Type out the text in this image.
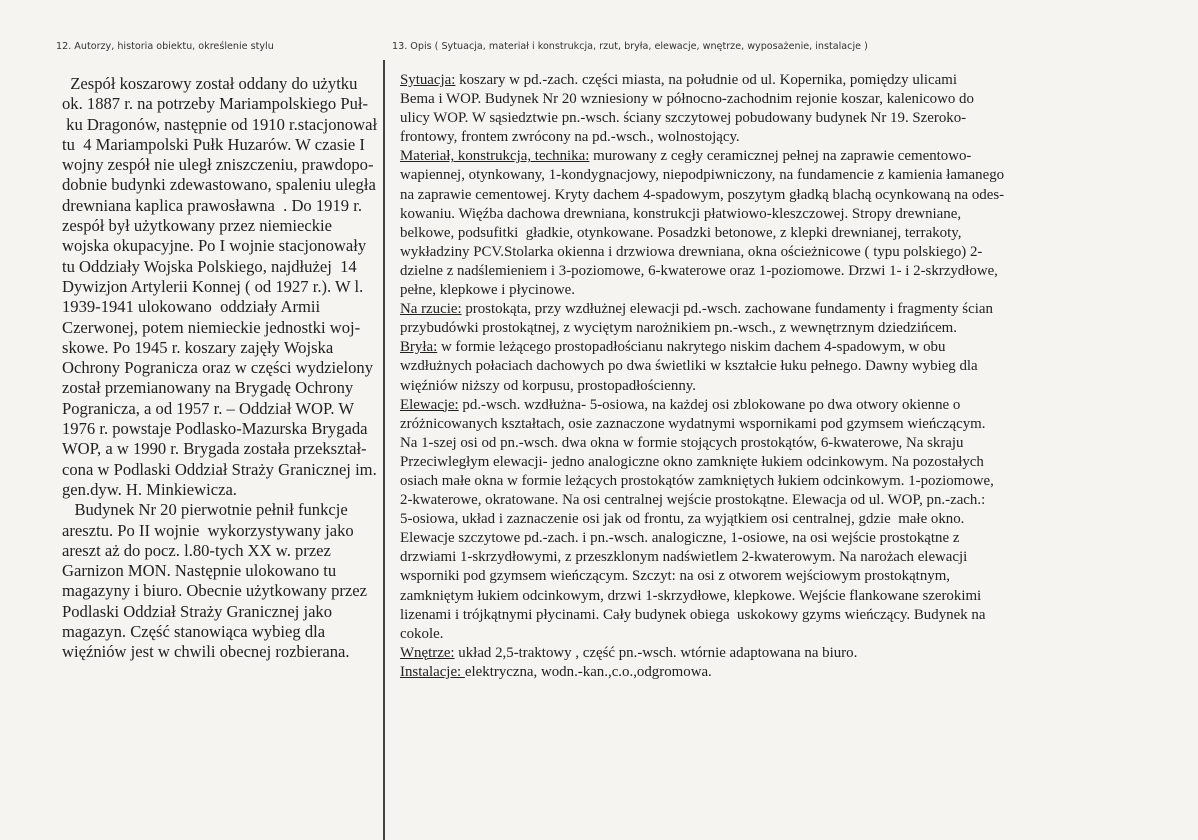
12. Autorzy, historia obiektu, określenie stylu	13. Opis ( Sytuacja, materiał i konstrukcja, rzut, bryła, elewacje, wnętrze, wyposażenie, instalacje )
Zespół koszarowy został oddany do użytku
ok. 1887 r. na potrzeby Mariampolskiego Puł-
ku Dragonów, następnie od 1910 r.stacjonował
tu  4 Mariampolski Pułk Huzarów. W czasie I
wojny zespół nie uległ zniszczeniu, prawdopo-
dobnie budynki zdewastowano, spaleniu uległa
drewniana kaplica prawosławna  . Do 1919 r.
zespół był użytkowany przez niemieckie
wojska okupacyjne. Po I wojnie stacjonowały
tu Oddziały Wojska Polskiego, najdłużej  14
Dywizjon Artylerii Konnej ( od 1927 r.). W l.
1939-1941 ulokowano  oddziały Armii
Czerwonej, potem niemieckie jednostki woj-
skowe. Po 1945 r. koszary zajęły Wojska
Ochrony Pogranicza oraz w części wydzielony
został przemianowany na Brygadę Ochrony
Pogranicza, a od 1957 r. – Oddział WOP. W
1976 r. powstaje Podlasko-Mazurska Brygada
WOP, a w 1990 r. Brygada została przekształ-
cona w Podlaski Oddział Straży Granicznej im.
gen.dyw. H. Minkiewicza.
Budynek Nr 20 pierwotnie pełnił funkcje
aresztu. Po II wojnie  wykorzystywany jako
areszt aż do pocz. l.80-tych XX w. przez
Garnizon MON. Następnie ulokowano tu
magazyny i biuro. Obecnie użytkowany przez
Podlaski Oddział Straży Granicznej jako
magazyn. Część stanowiąca wybieg dla
więźniów jest w chwili obecnej rozbierana.
Sytuacja: koszary w pd.-zach. części miasta, na południe od ul. Kopernika, pomiędzy ulicami
Bema i WOP. Budynek Nr 20 wzniesiony w północno-zachodnim rejonie koszar, kalenicowo do
ulicy WOP. W sąsiedztwie pn.-wsch. ściany szczytowej pobudowany budynek Nr 19. Szeroko-
frontowy, frontem zwrócony na pd.-wsch., wolnostojący.
Materiał, konstrukcja, technika: murowany z cegły ceramicznej pełnej na zaprawie cementowo-
wapiennej, otynkowany, 1-kondygnacjowy, niepodpiwniczony, na fundamencie z kamienia łamanego
na zaprawie cementowej. Kryty dachem 4-spadowym, poszytym gładką blachą ocynkowaną na odes-
kowaniu. Więźba dachowa drewniana, konstrukcji płatwiowo-kleszczowej. Stropy drewniane,
belkowe, podsufitki  gładkie, otynkowane. Posadzki betonowe, z klepki drewnianej, terrakoty,
wykładziny PCV.Stolarka okienna i drzwiowa drewniana, okna ościeżnicowe ( typu polskiego) 2-
dzielne z nadślemieniem i 3-poziomowe, 6-kwaterowe oraz 1-poziomowe. Drzwi 1- i 2-skrzydłowe,
pełne, klepkowe i płycinowe.
Na rzucie: prostokąta, przy wzdłużnej elewacji pd.-wsch. zachowane fundamenty i fragmenty ścian
przybudówki prostokątnej, z wyciętym narożnikiem pn.-wsch., z wewnętrznym dziedzińcem.
Bryła: w formie leżącego prostopadłościanu nakrytego niskim dachem 4-spadowym, w obu
wzdłużnych połaciach dachowych po dwa świetliki w kształcie łuku pełnego. Dawny wybieg dla
więźniów niższy od korpusu, prostopadłościenny.
Elewacje: pd.-wsch. wzdłużna- 5-osiowa, na każdej osi zblokowane po dwa otwory okienne o
zróżnicowanych kształtach, osie zaznaczone wydatnymi wspornikami pod gzymsem wieńczącym.
Na 1-szej osi od pn.-wsch. dwa okna w formie stojących prostokątów, 6-kwaterowe, Na skraju
Przeciwległym elewacji- jedno analogiczne okno zamknięte łukiem odcinkowym. Na pozostałych
osiach małe okna w formie leżących prostokątów zamkniętych łukiem odcinkowym. 1-poziomowe,
2-kwaterowe, okratowane. Na osi centralnej wejście prostokątne. Elewacja od ul. WOP, pn.-zach.:
5-osiowa, układ i zaznaczenie osi jak od frontu, za wyjątkiem osi centralnej, gdzie  małe okno.
Elewacje szczytowe pd.-zach. i pn.-wsch. analogiczne, 1-osiowe, na osi wejście prostokątne z
drzwiami 1-skrzydłowymi, z przeszklonym nadświetlem 2-kwaterowym. Na narożach elewacji
wsporniki pod gzymsem wieńczącym. Szczyt: na osi z otworem wejściowym prostokątnym,
zamkniętym łukiem odcinkowym, drzwi 1-skrzydłowe, klepkowe. Wejście flankowane szerokimi
lizenami i trójkątnymi płycinami. Cały budynek obiega  uskokowy gzyms wieńczący. Budynek na
cokole.
Wnętrze: układ 2,5-traktowy , część pn.-wsch. wtórnie adaptowana na biuro.
Instalacje: elektryczna, wodn.-kan.,c.o.,odgromowa.
